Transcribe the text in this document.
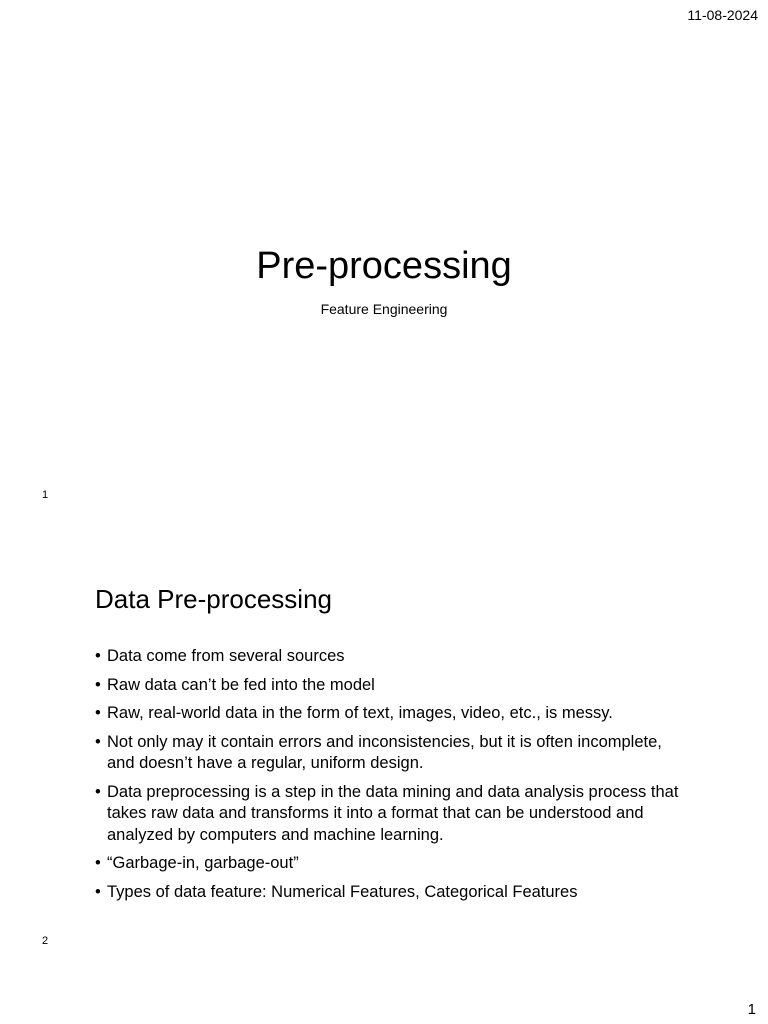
11-08-2024
Pre-processing
Feature Engineering
1
Data Pre-processing
• Data come from several sources
• Raw data can’t be fed into the model
• Raw, real-world data in the form of text, images, video, etc., is messy.
• Not only may it contain errors and inconsistencies, but it is often incomplete, and doesn’t have a regular, uniform design.
• Data preprocessing is a step in the data mining and data analysis process that takes raw data and transforms it into a format that can be understood and analyzed by computers and machine learning.
• “Garbage-in, garbage-out”
• Types of data feature: Numerical Features, Categorical Features
2
1
